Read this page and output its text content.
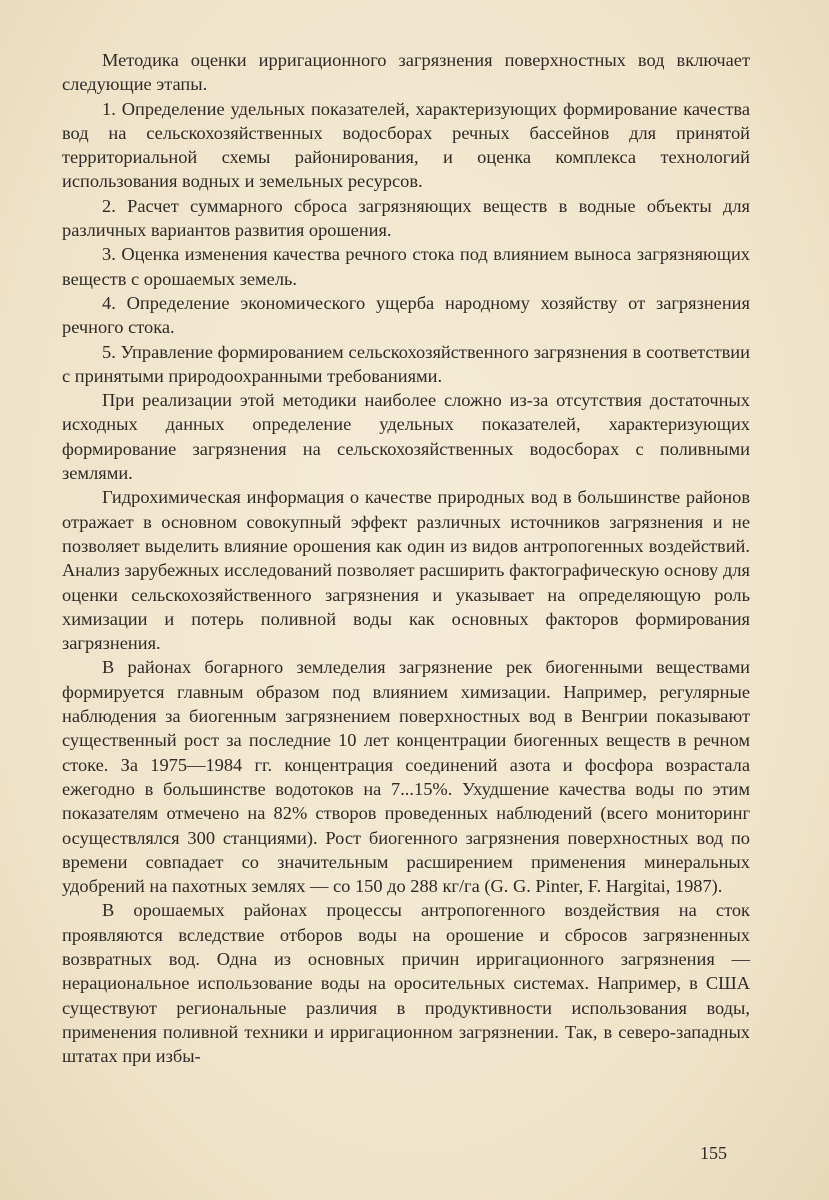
Методика оценки ирригационного загрязнения поверхностных вод включает следующие этапы.

1. Определение удельных показателей, характеризующих формирование качества вод на сельскохозяйственных водосборах речных бассейнов для принятой территориальной схемы районирования, и оценка комплекса технологий использования водных и земельных ресурсов.

2. Расчет суммарного сброса загрязняющих веществ в водные объекты для различных вариантов развития орошения.

3. Оценка изменения качества речного стока под влиянием выноса загрязняющих веществ с орошаемых земель.

4. Определение экономического ущерба народному хозяйству от загрязнения речного стока.

5. Управление формированием сельскохозяйственного загрязнения в соответствии с принятыми природоохранными требованиями.

При реализации этой методики наиболее сложно из-за отсутствия достаточных исходных данных определение удельных показателей, характеризующих формирование загрязнения на сельскохозяйственных водосборах с поливными землями.

Гидрохимическая информация о качестве природных вод в большинстве районов отражает в основном совокупный эффект различных источников загрязнения и не позволяет выделить влияние орошения как один из видов антропогенных воздействий. Анализ зарубежных исследований позволяет расширить фактографическую основу для оценки сельскохозяйственного загрязнения и указывает на определяющую роль химизации и потерь поливной воды как основных факторов формирования загрязнения.

В районах богарного земледелия загрязнение рек биогенными веществами формируется главным образом под влиянием химизации. Например, регулярные наблюдения за биогенным загрязнением поверхностных вод в Венгрии показывают существенный рост за последние 10 лет концентрации биогенных веществ в речном стоке. За 1975—1984 гг. концентрация соединений азота и фосфора возрастала ежегодно в большинстве водотоков на 7...15%. Ухудшение качества воды по этим показателям отмечено на 82% створов проведенных наблюдений (всего мониторинг осуществлялся 300 станциями). Рост биогенного загрязнения поверхностных вод по времени совпадает со значительным расширением применения минеральных удобрений на пахотных землях — со 150 до 288 кг/га (G. G. Pinter, F. Hargitai, 1987).

В орошаемых районах процессы антропогенного воздействия на сток проявляются вследствие отборов воды на орошение и сбросов загрязненных возвратных вод. Одна из основных причин ирригационного загрязнения — нерациональное использование воды на оросительных системах. Например, в США существуют региональные различия в продуктивности использования воды, применения поливной техники и ирригационном загрязнении. Так, в северо-западных штатах при избы-

155
